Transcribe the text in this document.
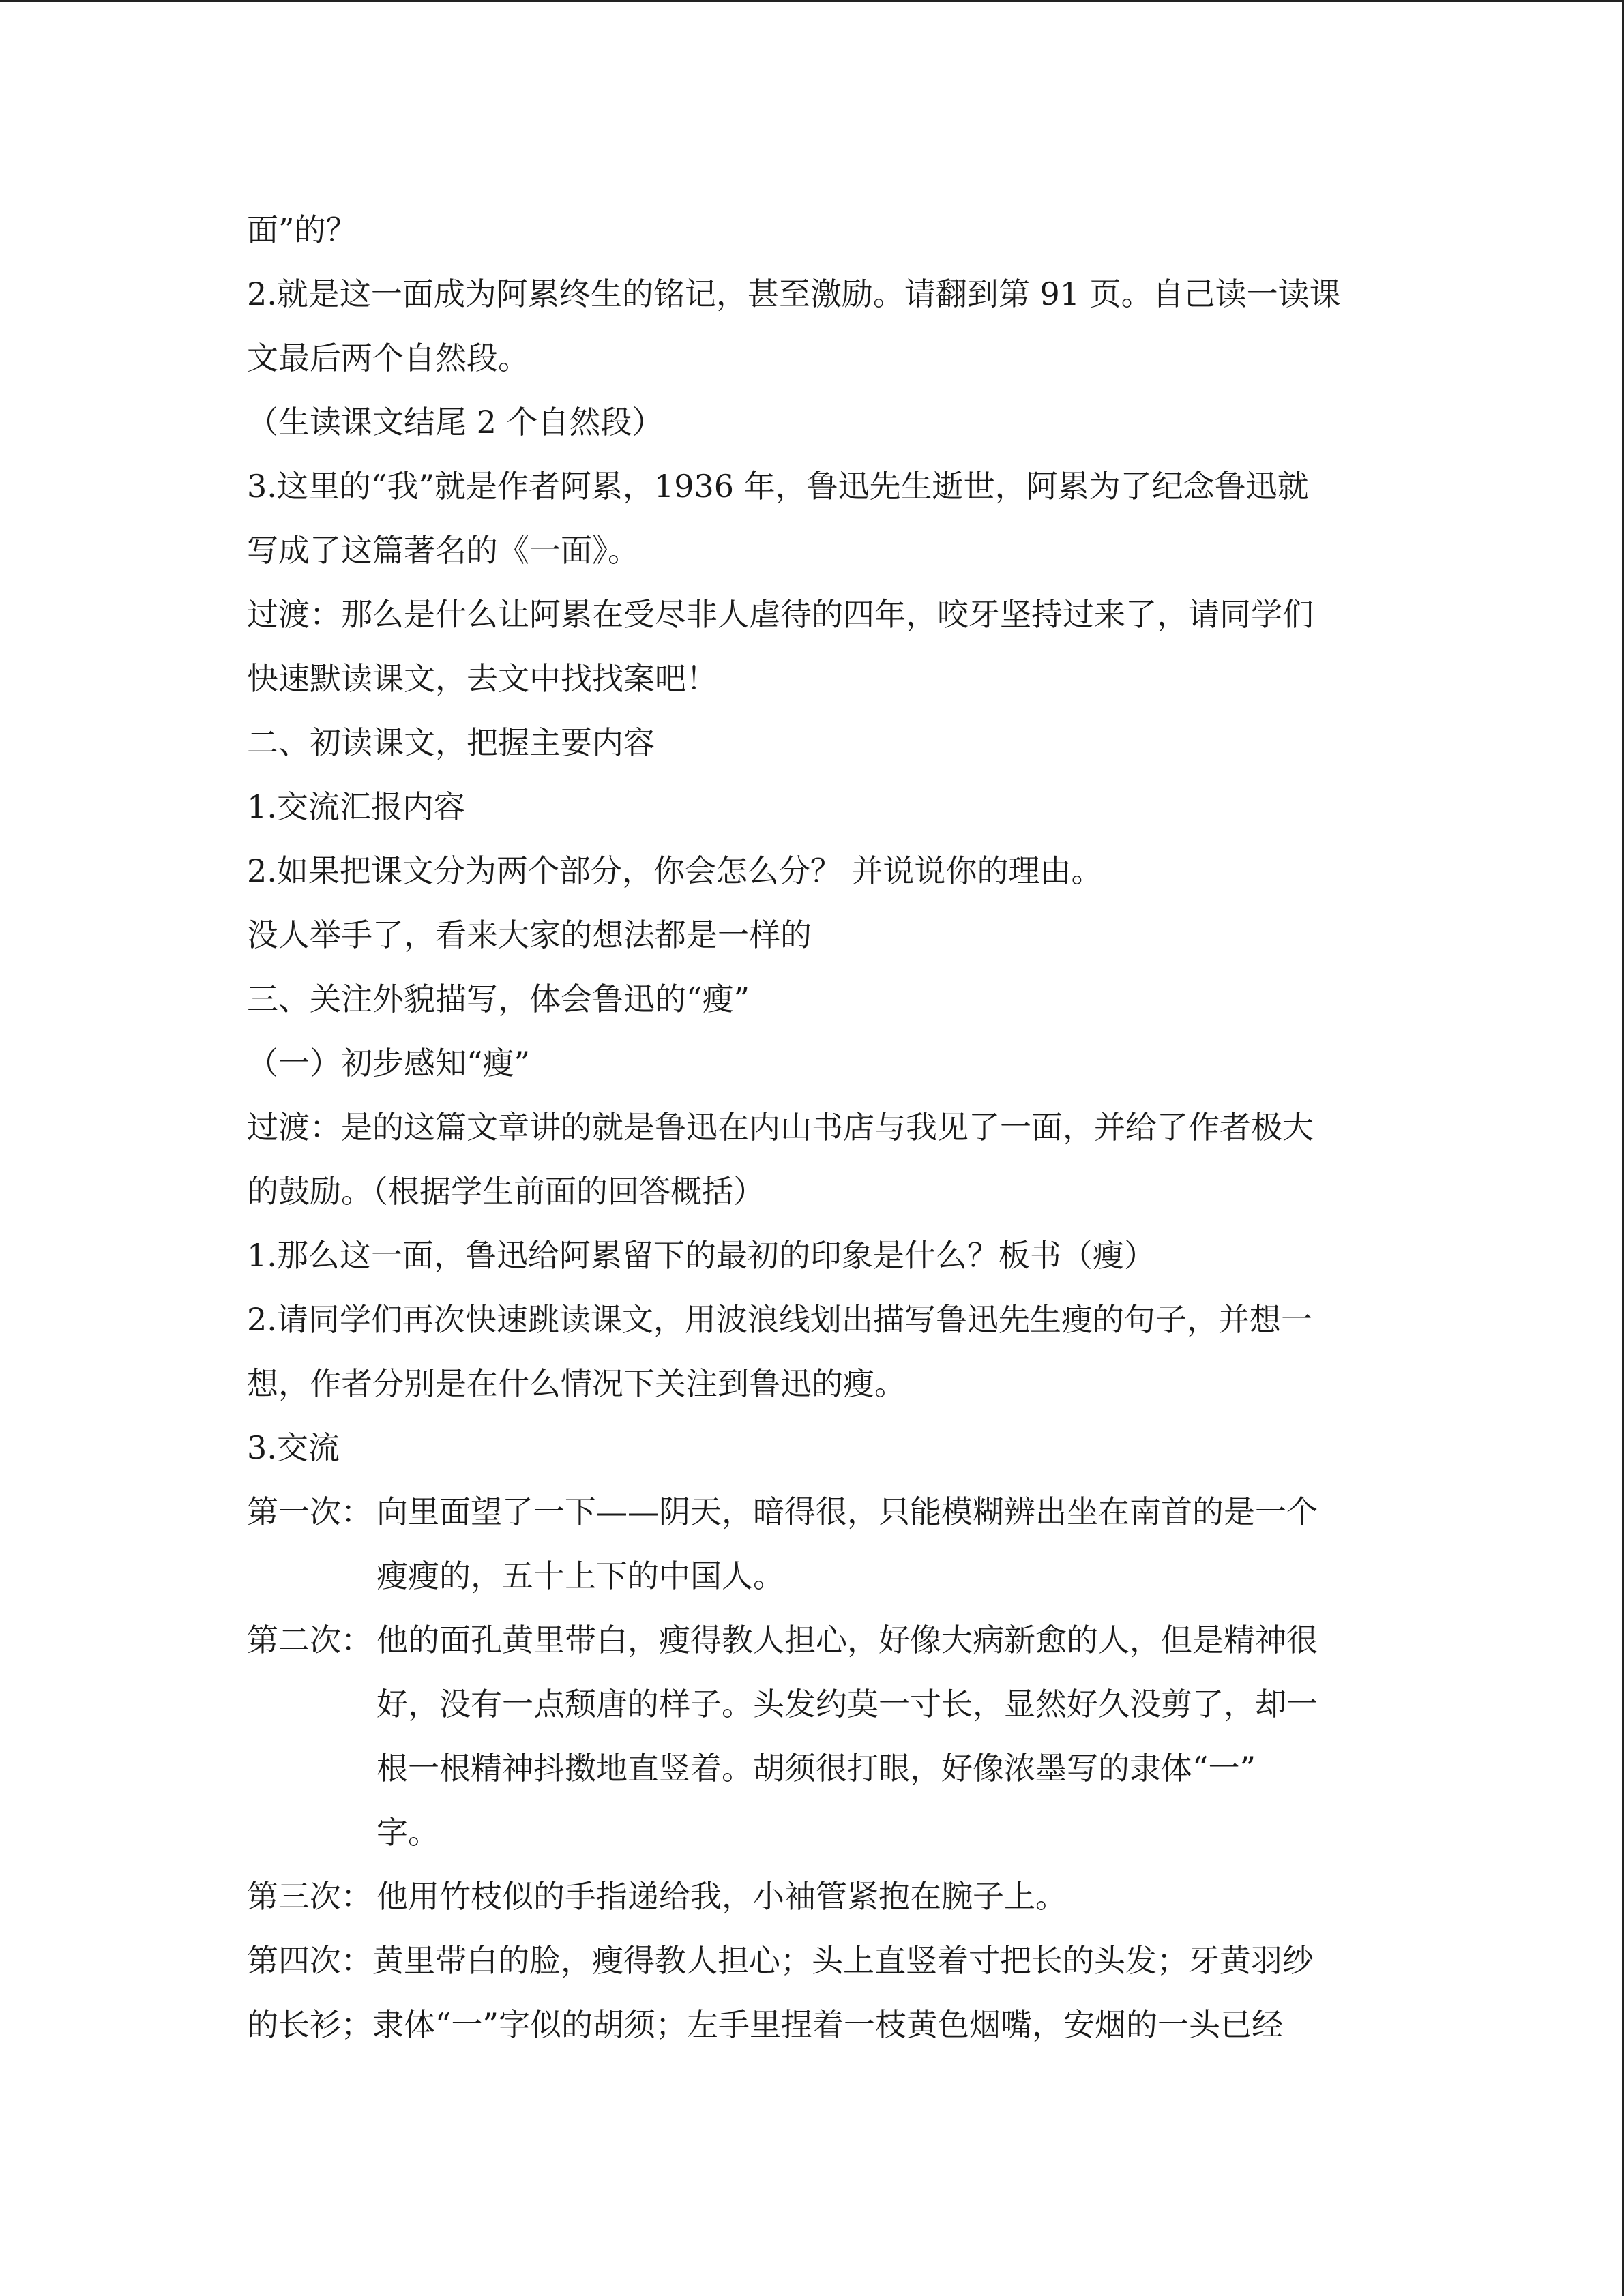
面”的？
2.就是这一面成为阿累终生的铭记，甚至激励。请翻到第 91 页。自己读一读课
文最后两个自然段。
（生读课文结尾 2 个自然段）
3.这里的“我”就是作者阿累，1936 年，鲁迅先生逝世，阿累为了纪念鲁迅就
写成了这篇著名的《一面》。
过渡：那么是什么让阿累在受尽非人虐待的四年，咬牙坚持过来了，请同学们
快速默读课文，去文中找找案吧！
二、初读课文，把握主要内容
1.交流汇报内容
2.如果把课文分为两个部分，你会怎么分？ 并说说你的理由。
没人举手了，看来大家的想法都是一样的
三、关注外貌描写，体会鲁迅的“瘦”
（一）初步感知“瘦”
过渡：是的这篇文章讲的就是鲁迅在内山书店与我见了一面，并给了作者极大
的鼓励。（根据学生前面的回答概括）
1.那么这一面，鲁迅给阿累留下的最初的印象是什么？板书（瘦）
2.请同学们再次快速跳读课文，用波浪线划出描写鲁迅先生瘦的句子，并想一
想，作者分别是在什么情况下关注到鲁迅的瘦。
3.交流
第一次： 向里面望了一下——阴天，暗得很，只能模糊辨出坐在南首的是一个
瘦瘦的，五十上下的中国人。
第二次： 他的面孔黄里带白，瘦得教人担心，好像大病新愈的人，但是精神很
好，没有一点颓唐的样子。头发约莫一寸长，显然好久没剪了，却一
根一根精神抖擞地直竖着。胡须很打眼，好像浓墨写的隶体“一”
字。
第三次： 他用竹枝似的手指递给我，小袖管紧抱在腕子上。
第四次：黄里带白的脸，瘦得教人担心；头上直竖着寸把长的头发；牙黄羽纱
的长衫；隶体“一”字似的胡须；左手里捏着一枝黄色烟嘴，安烟的一头已经
